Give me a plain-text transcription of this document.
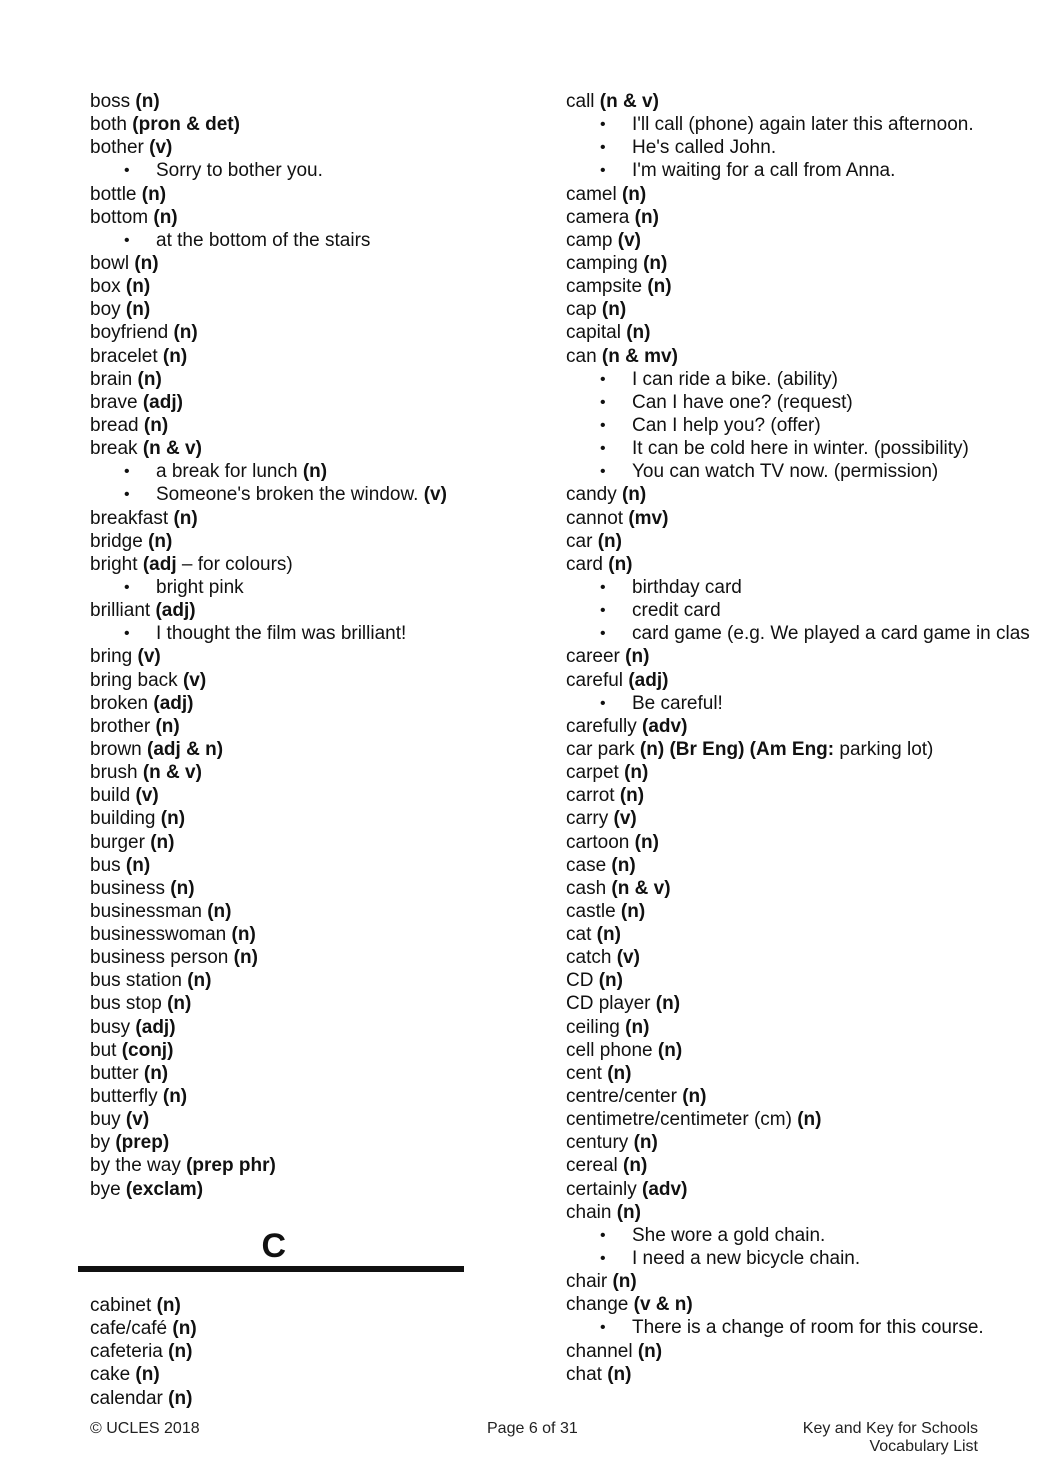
boss (n)
both (pron & det)
bother (v)
• Sorry to bother you.
bottle (n)
bottom (n)
• at the bottom of the stairs
bowl (n)
box (n)
boy (n)
boyfriend (n)
bracelet (n)
brain (n)
brave (adj)
bread (n)
break (n & v)
• a break for lunch (n)
• Someone's broken the window. (v)
breakfast (n)
bridge (n)
bright (adj – for colours)
• bright pink
brilliant (adj)
• I thought the film was brilliant!
bring (v)
bring back (v)
broken (adj)
brother (n)
brown (adj & n)
brush (n & v)
build (v)
building (n)
burger (n)
bus (n)
business (n)
businessman (n)
businesswoman (n)
business person (n)
bus station (n)
bus stop (n)
busy (adj)
but (conj)
butter (n)
butterfly (n)
buy (v)
by (prep)
by the way (prep phr)
bye (exclam)
C
cabinet (n)
cafe/café (n)
cafeteria (n)
cake (n)
calendar (n)
call (n & v)
• I'll call (phone) again later this afternoon.
• He's called John.
• I'm waiting for a call from Anna.
camel (n)
camera (n)
camp (v)
camping (n)
campsite (n)
cap (n)
capital (n)
can (n & mv)
• I can ride a bike. (ability)
• Can I have one? (request)
• Can I help you? (offer)
• It can be cold here in winter. (possibility)
• You can watch TV now. (permission)
candy (n)
cannot (mv)
car (n)
card (n)
• birthday card
• credit card
• card game (e.g. We played a card game in clas
career (n)
careful (adj)
• Be careful!
carefully (adv)
car park (n) (Br Eng) (Am Eng: parking lot)
carpet (n)
carrot (n)
carry (v)
cartoon (n)
case (n)
cash (n & v)
castle (n)
cat (n)
catch (v)
CD (n)
CD player (n)
ceiling (n)
cell phone (n)
cent (n)
centre/center (n)
centimetre/centimeter (cm) (n)
century (n)
cereal (n)
certainly (adv)
chain (n)
• She wore a gold chain.
• I need a new bicycle chain.
chair (n)
change (v & n)
• There is a change of room for this course.
channel (n)
chat (n)
© UCLES 2018	Page 6 of 31	Key and Key for Schools
Vocabulary List
